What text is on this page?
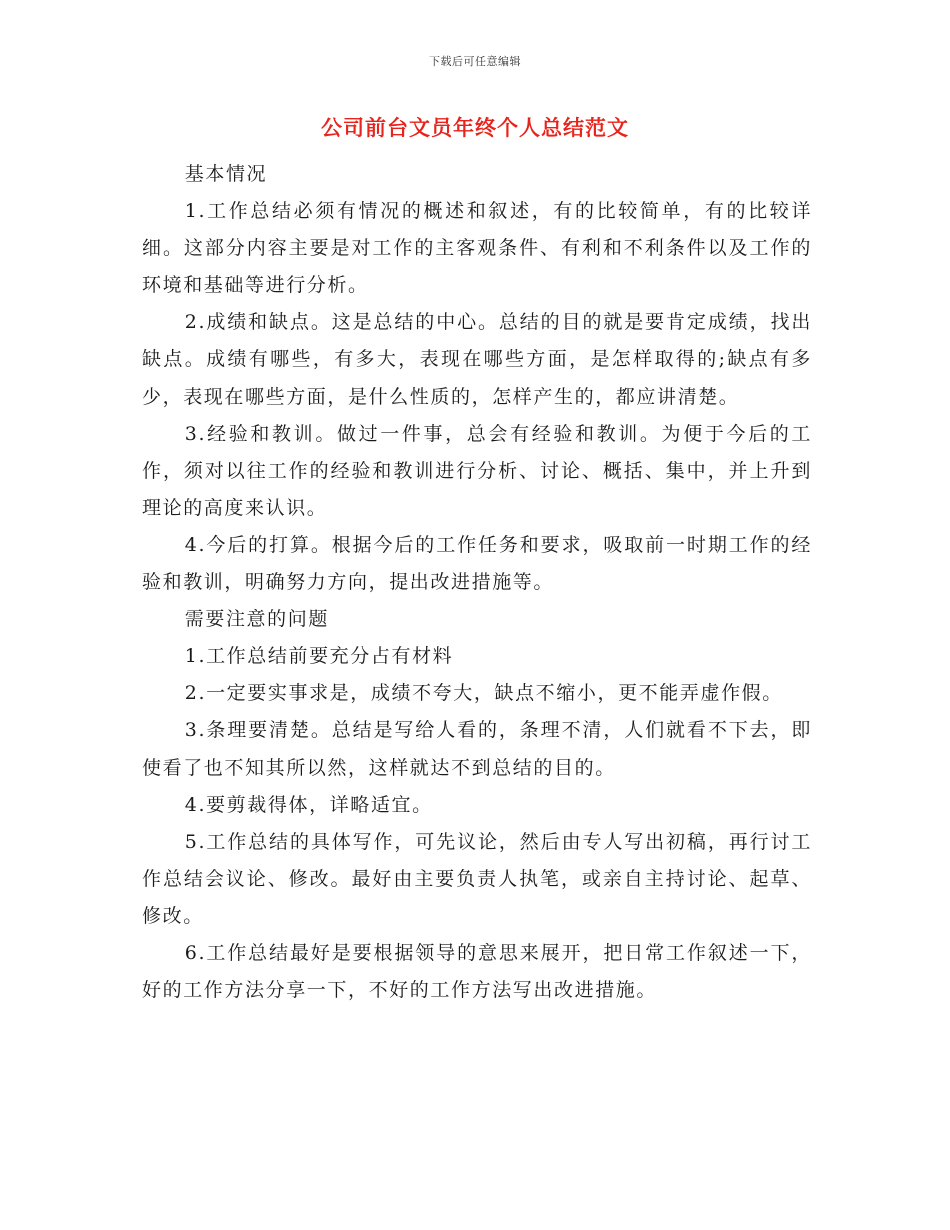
下载后可任意编辑
公司前台文员年终个人总结范文

基本情况

1.工作总结必须有情况的概述和叙述，有的比较简单，有的比较详细。这部分内容主要是对工作的主客观条件、有利和不利条件以及工作的环境和基础等进行分析。

2.成绩和缺点。这是总结的中心。总结的目的就是要肯定成绩，找出缺点。成绩有哪些，有多大，表现在哪些方面，是怎样取得的;缺点有多少，表现在哪些方面，是什么性质的，怎样产生的，都应讲清楚。

3.经验和教训。做过一件事，总会有经验和教训。为便于今后的工作，须对以往工作的经验和教训进行分析、讨论、概括、集中，并上升到理论的高度来认识。

4.今后的打算。根据今后的工作任务和要求，吸取前一时期工作的经验和教训，明确努力方向，提出改进措施等。

需要注意的问题

1.工作总结前要充分占有材料

2.一定要实事求是，成绩不夸大，缺点不缩小，更不能弄虚作假。

3.条理要清楚。总结是写给人看的，条理不清，人们就看不下去，即使看了也不知其所以然，这样就达不到总结的目的。

4.要剪裁得体，详略适宜。

5.工作总结的具体写作，可先议论，然后由专人写出初稿，再行讨工作总结会议论、修改。最好由主要负责人执笔，或亲自主持讨论、起草、修改。

6.工作总结最好是要根据领导的意思来展开，把日常工作叙述一下，好的工作方法分享一下，不好的工作方法写出改进措施。
